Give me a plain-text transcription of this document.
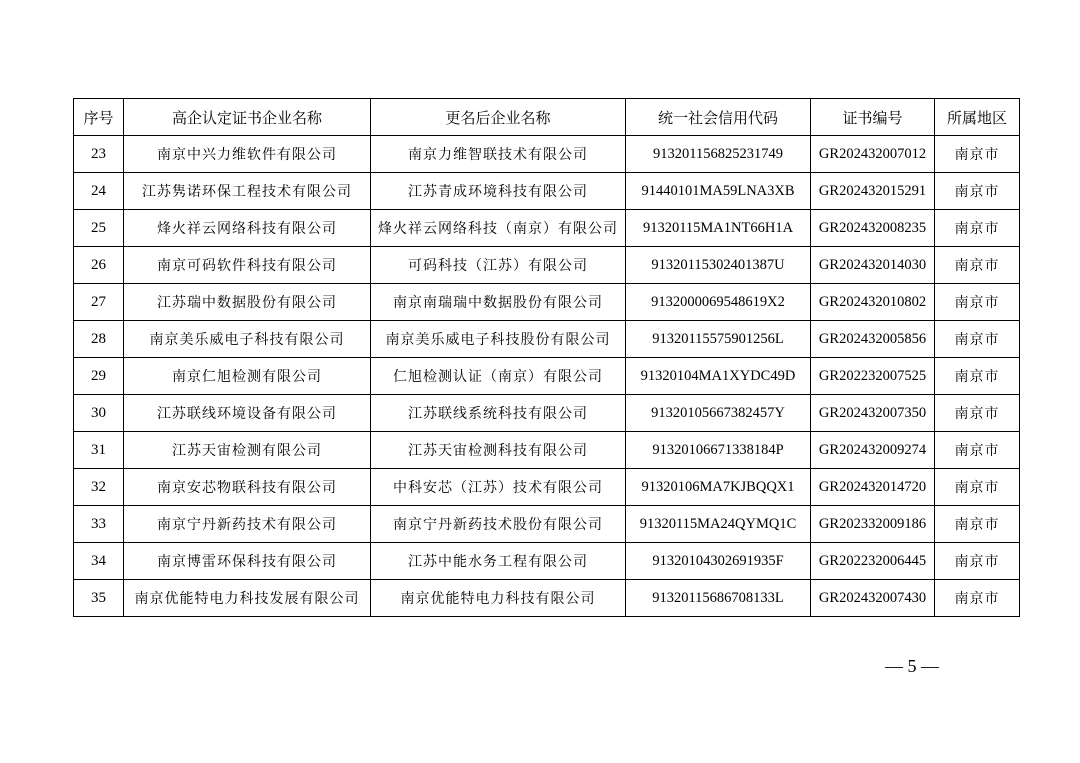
序号	高企认定证书企业名称	更名后企业名称	统一社会信用代码	证书编号	所属地区
23	南京中兴力维软件有限公司	南京力维智联技术有限公司	913201156825231749	GR202432007012	南京市
24	江苏隽诺环保工程技术有限公司	江苏青成环境科技有限公司	91440101MA59LNA3XB	GR202432015291	南京市
25	烽火祥云网络科技有限公司	烽火祥云网络科技（南京）有限公司	91320115MA1NT66H1A	GR202432008235	南京市
26	南京可码软件科技有限公司	可码科技（江苏）有限公司	91320115302401387U	GR202432014030	南京市
27	江苏瑞中数据股份有限公司	南京南瑞瑞中数据股份有限公司	9132000069548619X2	GR202432010802	南京市
28	南京美乐威电子科技有限公司	南京美乐威电子科技股份有限公司	91320115575901256L	GR202432005856	南京市
29	南京仁旭检测有限公司	仁旭检测认证（南京）有限公司	91320104MA1XYDC49D	GR202232007525	南京市
30	江苏联线环境设备有限公司	江苏联线系统科技有限公司	91320105667382457Y	GR202432007350	南京市
31	江苏天宙检测有限公司	江苏天宙检测科技有限公司	91320106671338184P	GR202432009274	南京市
32	南京安芯物联科技有限公司	中科安芯（江苏）技术有限公司	91320106MA7KJBQQX1	GR202432014720	南京市
33	南京宁丹新药技术有限公司	南京宁丹新药技术股份有限公司	91320115MA24QYMQ1C	GR202332009186	南京市
34	南京博雷环保科技有限公司	江苏中能水务工程有限公司	91320104302691935F	GR202232006445	南京市
35	南京优能特电力科技发展有限公司	南京优能特电力科技有限公司	91320115686708133L	GR202432007430	南京市
— 5 —
